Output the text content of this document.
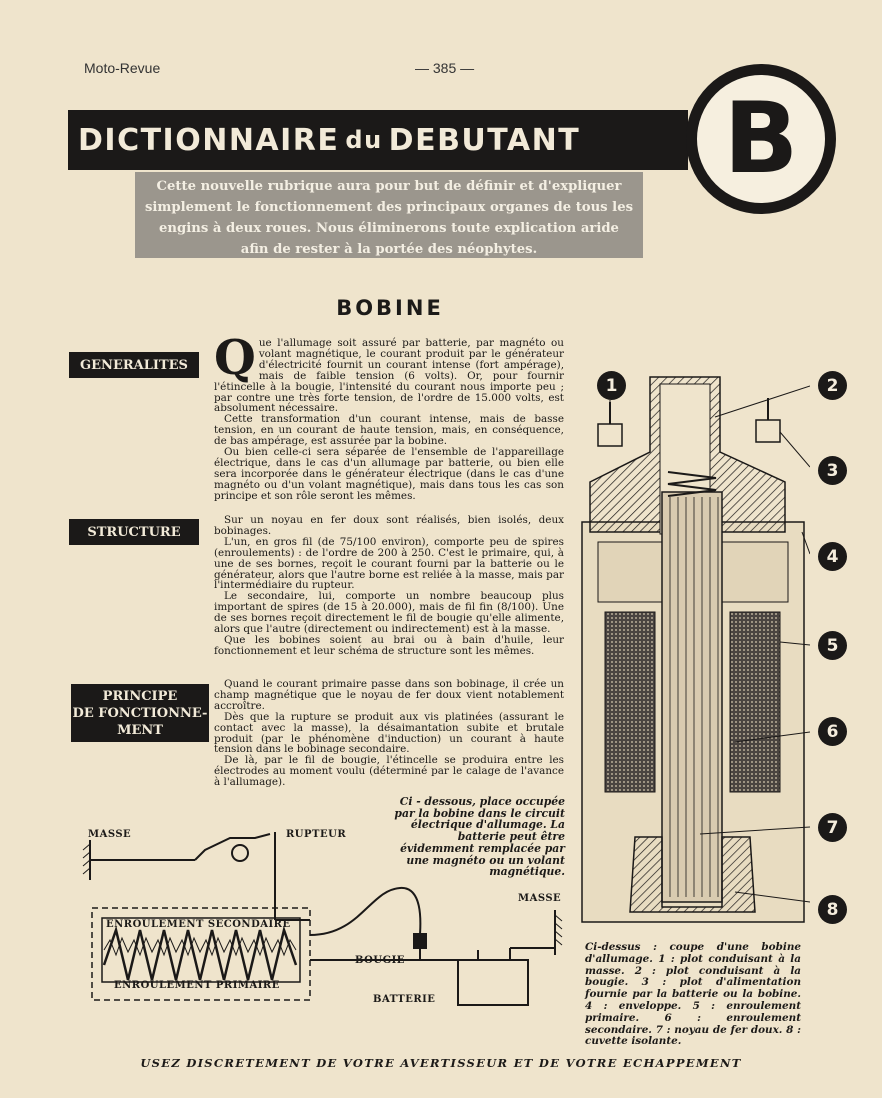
Moto-Revue	— 385 —
DICTIONNAIRE du DEBUTANT	B
Cette nouvelle rubrique aura pour but de définir et d'expliquer simplement le fonctionnement des principaux organes de tous les engins à deux roues. Nous éliminerons toute explication aride afin de rester à la portée des néophytes.
BOBINE
GENERALITES Q ue l'allumage soit assuré par batterie, par magnéto ou volant magnétique, le courant produit par le générateur d'électricité fournit un courant intense (fort ampérage), mais de faible tension (6 volts). Or, pour fournir l'étincelle à la bougie, l'intensité du courant nous importe peu ; par contre une très forte tension, de l'ordre de 15.000 volts, est absolument nécessaire.

Cette transformation d'un courant intense, mais de basse tension, en un courant de haute tension, mais, en conséquence, de bas ampérage, est assurée par la bobine.

Ou bien celle-ci sera séparée de l'ensemble de l'appareillage électrique, dans le cas d'un allumage par batterie, ou bien elle sera incorporée dans le générateur électrique (dans le cas d'une magnéto ou d'un volant magnétique), mais dans tous les cas son principe et son rôle seront les mêmes.

STRUCTURE

Sur un noyau en fer doux sont réalisés, bien isolés, deux bobinages.

L'un, en gros fil (de 75/100 environ), comporte peu de spires (enroulements) : de l'ordre de 200 à 250. C'est le primaire, qui, à une de ses bornes, reçoit le courant fourni par la batterie ou le générateur, alors que l'autre borne est reliée à la masse, mais par l'intermédiaire du rupteur.

Le secondaire, lui, comporte un nombre beaucoup plus important de spires (de 15 à 20.000), mais de fil fin (8/100). Une de ses bornes reçoit directement le fil de bougie qu'elle alimente, alors que l'autre (directement ou indirectement) est à la masse.

Que les bobines soient au brai ou à bain d'huile, leur fonctionnement et leur schéma de structure sont les mêmes.

PRINCIPE
DE FONCTIONNE-
MENT

Quand le courant primaire passe dans son bobinage, il crée un champ magnétique que le noyau de fer doux vient notablement accroître.

Dès que la rupture se produit aux vis platinées (assurant le contact avec la masse), la désaimantation subite et brutale produit (par le phénomène d'induction) un courant à haute tension dans le bobinage secondaire.

De là, par le fil de bougie, l'étincelle se produira entre les électrodes au moment voulu (déterminé par le calage de l'avance à l'allumage).

Ci - dessous, place occupée par la bobine dans le circuit électrique d'allumage. La batterie peut être évidemment remplacée par une magnéto ou un volant magnétique.
MASSE	RUPTEUR
ENROULEMENT SECONDAIRE
ENROULEMENT PRIMAIRE
BOUGIE
BATTERIE
MASSE
1	2
3
4
5
6
7
8
Ci-dessus : coupe d'une bobine d'allumage. 1 : plot conduisant à la masse. 2 : plot conduisant à la bougie. 3 : plot d'alimentation fournie par la batterie ou la bobine. 4 : enveloppe. 5 : enroulement primaire. 6 : enroulement secondaire. 7 : noyau de fer doux. 8 : cuvette isolante.
USEZ DISCRETEMENT DE VOTRE AVERTISSEUR ET DE VOTRE ECHAPPEMENT
